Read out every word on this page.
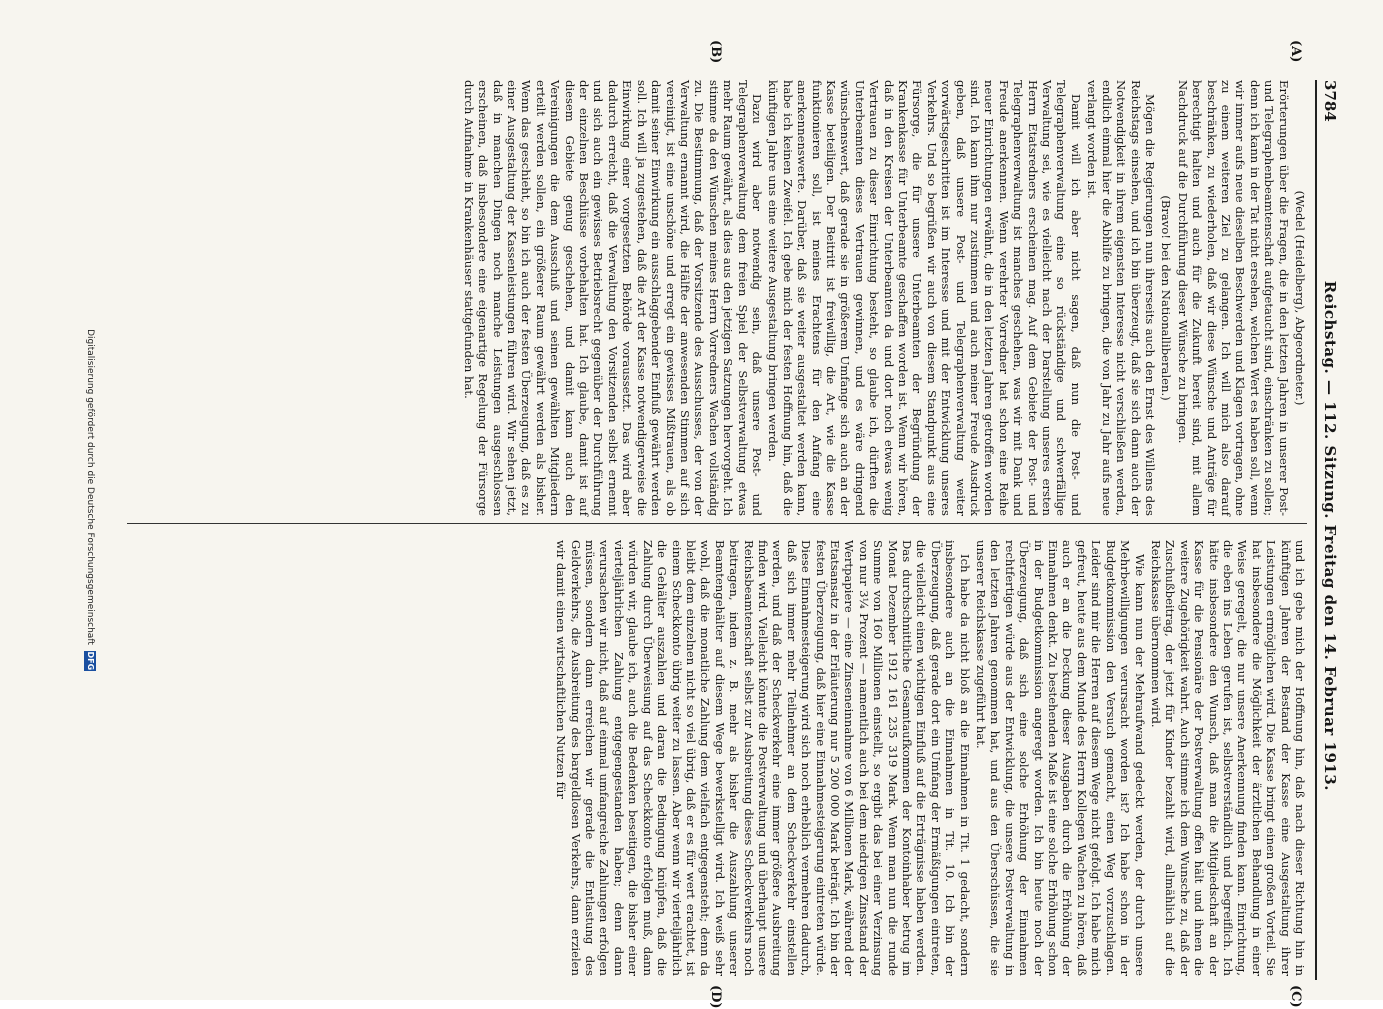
3784
Reichstag. — 112. Sitzung. Freitag den 14. Februar 1913.
(A)
(B)
(C)
(D)

(Wedel (Heidelberg), Abgeordneter.)

Erörterungen über die Fragen, die in den letzten Jahren in unserer Post- und Telegraphenbeamtenschaft aufgetaucht sind, einschränken zu sollen; denn ich kann in der Tat nicht ersehen, welchen Wert es haben soll, wenn wir immer aufs neue dieselben Beschwerden und Klagen vortragen, ohne zu einem weiteren Ziel zu gelangen. Ich will mich also darauf beschränken, zu wiederholen, daß wir diese Wünsche und Anträge für berechtigt halten und auch für die Zukunft bereit sind, mit allem Nachdruck auf die Durchführung dieser Wünsche zu bringen.

(Bravo! bei den Nationalliberalen.)

Mögen die Regierungen nun ihrerseits auch den Ernst des Willens des Reichstags einsehen, und ich bin überzeugt, daß sie sich dann auch der Notwendigkeit in ihrem eigensten Interesse nicht verschließen werden, endlich einmal hier die Abhilfe zu bringen, die von Jahr zu Jahr aufs neue verlangt worden ist.

Damit will ich aber nicht sagen, daß nun die Post- und Telegraphenverwaltung eine so rückständige und schwerfällige Verwaltung sei, wie es vielleicht nach der Darstellung unseres ersten Herrn Etatsredners erscheinen mag. Auf dem Gebiete der Post- und Telegraphenverwaltung ist manches geschehen, was wir mit Dank und Freude anerkennen. Wenn verehrter Vorredner hat schon eine Reihe neuer Einrichtungen erwähnt, die in den letzten Jahren getroffen worden sind. Ich kann ihm nur zustimmen und auch meiner Freude Ausdruck geben, daß unsere Post- und Telegraphenverwaltung weiter vorwärtsgeschritten ist im Interesse und mit der Entwicklung unseres Verkehrs. Und so begrüßen wir auch von diesem Standpunkt aus eine Fürsorge, die für unsere Unterbeamten der Begründung der Krankenkasse für Unterbeamte geschaffen worden ist. Wenn wir hören, daß in den Kreisen der Unterbeamten da und dort noch etwas wenig Vertrauen zu dieser Einrichtung besteht, so glaube ich, dürften die Unterbeamten dieses Vertrauen gewinnen, und es wäre dringend wünschenswert, daß gerade sie in größerem Umfange sich auch an der Kasse beteiligen. Der Beitritt ist freiwillig, die Art, wie die Kasse funktionieren soll, ist meines Erachtens für den Anfang eine anerkennenswerte. Darüber, daß sie weiter ausgestaltet werden kann, habe ich keinen Zweifel. Ich gebe mich der festen Hoffnung hin, daß die künftigen Jahre uns eine weitere Ausgestaltung bringen werden.

Dazu wird aber notwendig sein, daß unsere Post- und Telegraphenverwaltung dem freien Spiel der Selbstverwaltung etwas mehr Raum gewährt, als dies aus den jetzigen Satzungen hervorgeht. Ich stimme da den Wünschen meines Herrn Vorredners Wachen vollständig zu. Die Bestimmung, daß der Vorsitzende des Ausschusses, der von der Verwaltung ernannt wird, die Hälfte der anwesenden Stimmen auf sich vereinigt, ist eine unschöne und erregt ein gewisses Mißtrauen, als ob damit seiner Einwirkung ein ausschlaggebender Einfluß gewährt werden soll. Ich will ja zugestehen, daß die Art der Kasse notwendigerweise die Einwirkung einer vorgesetzten Behörde voraussetzt. Das wird aber dadurch erreicht, daß die Verwaltung den Vorsitzenden selbst ernennt und sich auch ein gewisses Betriebsrecht gegenüber der Durchführung der einzelnen Beschlüsse vorbehalten hat. Ich glaube, damit ist auf diesem Gebiete genug geschehen, und damit kann auch den Vereinigungen die dem Ausschuß und seinen gewählten Mitgliedern erteilt werden sollen, ein größerer Raum gewährt werden als bisher. Wenn das geschieht, so bin ich auch der festen Überzeugung, daß es zu einer Ausgestaltung der Kassenleistungen führen wird. Wir sehen jetzt, daß in manchen Dingen noch manche Leistungen ausgeschlossen erscheinen, daß insbesondere eine eigenartige Regelung der Fürsorge durch Aufnahme in Krankenhäuser stattgefunden hat.

und ich gebe mich der Hoffnung hin, daß nach dieser Richtung hin in künftigen Jahren der Bestand der Kasse eine Ausgestaltung ihrer Leistungen ermöglichen wird. Die Kasse bringt einen großen Vorteil. Sie hat insbesondere die Möglichkeit der ärztlichen Behandlung in einer Weise geregelt, die nur unsere Anerkennung finden kann. Einrichtung, die eben ins Leben gerufen ist, selbstverständlich und begreiflich. Ich hätte insbesondere den Wunsch, daß man die Mitgliedschaft an der Kasse für die Pensionäre der Postverwaltung offen hält und ihnen die weitere Zugehörigkeit wahrt. Auch stimme ich dem Wunsche zu, daß der Zuschußbeitrag, der jetzt für Kinder bezahlt wird, allmählich auf die Reichskasse übernommen wird.

Wie kann nun der Mehraufwand gedeckt werden, der durch unsere Mehrbewilligungen verursacht worden ist? Ich habe schon in der Budgetkommission den Versuch gemacht, einen Weg vorzuschlagen. Leider sind mir die Herren auf diesem Wege nicht gefolgt. Ich habe mich gefreut, heute aus dem Munde des Herrn Kollegen Wachen zu hören, daß auch er an die Deckung dieser Ausgaben durch die Erhöhung der Einnahmen denkt. Zu bestehenden Maße ist eine solche Erhöhung schon in der Budgetkommission angeregt worden. Ich bin heute noch der Überzeugung, daß sich eine solche Erhöhung der Einnahmen rechtfertigen würde aus der Entwicklung, die unsere Postverwaltung in den letzten Jahren genommen hat, und aus den Überschüssen, die sie unserer Reichskasse zugeführt hat.

Ich habe da nicht bloß an die Einnahmen in Tit. 1 gedacht, sondern insbesondere auch an die Einnahmen in Tit. 10. Ich bin der Überzeugung, daß gerade dort ein Umfang der Ermäßigungen eintreten, die vielleicht einen wichtigen Einfluß auf die Erträgnisse haben werden. Das durchschnittliche Gesamtaufkommen der Kontoinhaber betrug im Monat Dezember 1912 161 235 319 Mark. Wenn man nun die runde Summe von 160 Millionen einstellt, so ergibt das bei einer Verzinsung von nur 3¼ Prozent — namentlich auch bei dem niedrigen Zinsstand der Wertpapiere — eine Zinseneinnahme von 6 Millionen Mark, während der Etatsansatz in der Erläuterung nur 5 200 000 Mark beträgt. Ich bin der festen Überzeugung, daß hier eine Einnahmesteigerung eintreten würde. Diese Einnahmesteigerung wird sich noch erheblich vermehren dadurch, daß sich immer mehr Teilnehmer an dem Scheckverkehr einstellen werden, und daß der Scheckverkehr eine immer größere Ausbreitung finden wird. Vielleicht könnte die Postverwaltung und überhaupt unsere Reichsbeamtenschaft selbst zur Ausbreitung dieses Scheckverkehrs noch beitragen, indem z. B. mehr als bisher die Auszahlung unserer Beamtengehälter auf diesem Wege bewerkstelligt wird. Ich weiß sehr wohl, daß die monatliche Zahlung dem vielfach entgegensteht; denn da bleibt dem einzelnen nicht so viel übrig, daß er es für wert erachtet, ist einem Scheckkonto übrig weiter zu lassen. Aber wenn wir vierteljährlich die Gehälter auszahlen und daran die Bedingung knüpfen, daß die Zahlung durch Überweisung auf das Scheckkonto erfolgen muß, dann würden wir, glaube ich, auch die Bedenken beseitigen, die bisher einer vierteljährlichen Zahlung entgegengestanden haben; denn dann verursachen wir nicht, daß auf einmal umfangreiche Zahlungen erfolgen müssen, sondern dann erreichen wir gerade die Entlastung des Geldverkehrs, die Ausbreitung des bargeldlosen Verkehrs, dann erzielen wir damit einen wirtschaftlichen Nutzen für

Digitalisierung gefördert durch die Deutsche Forschungsgemeinschaft
DFG
